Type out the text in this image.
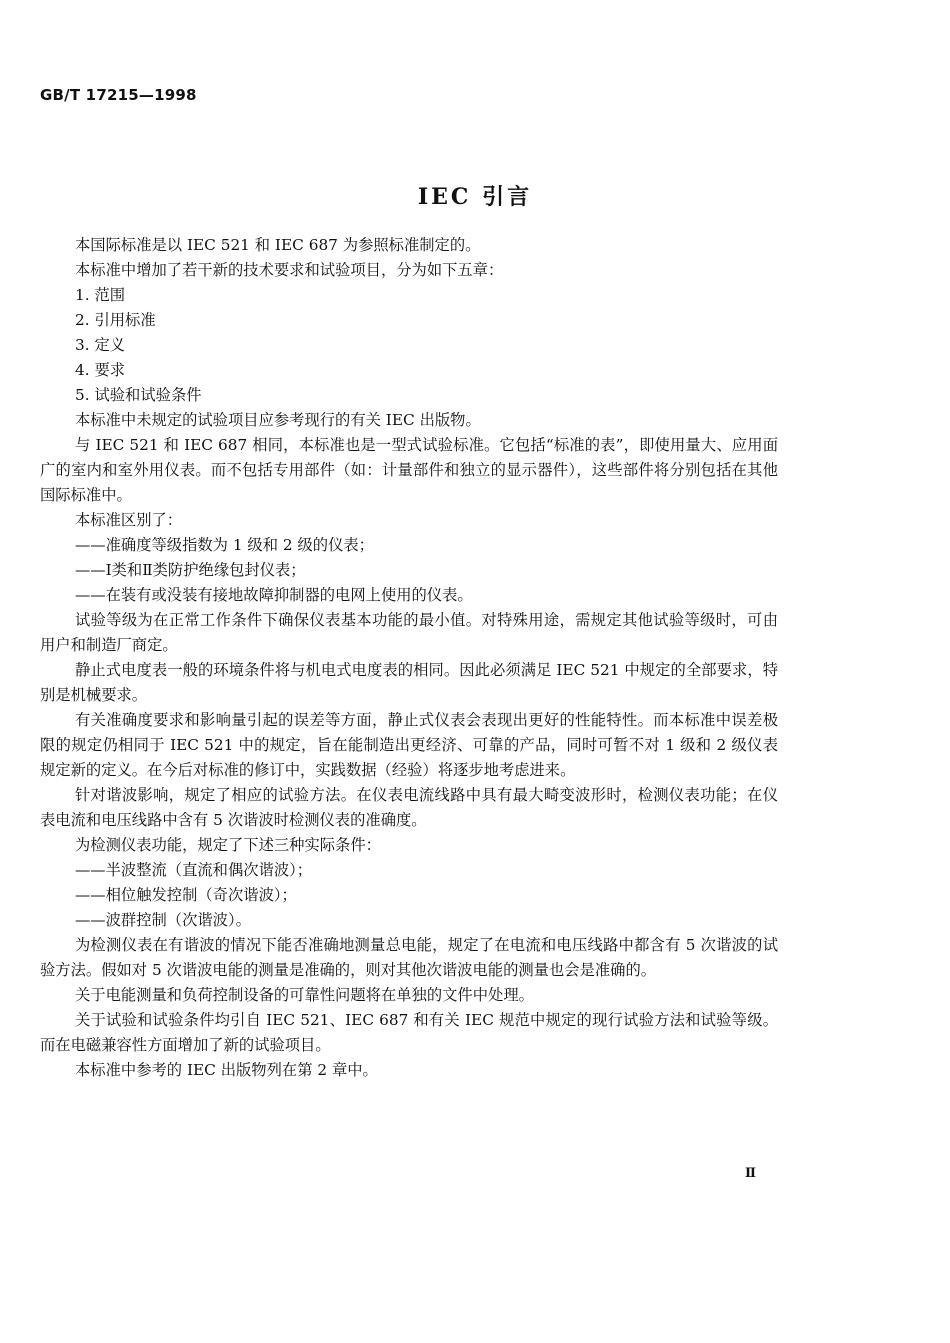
GB/T 17215—1998
IEC 引言

本国际标准是以 IEC 521 和 IEC 687 为参照标准制定的。

本标准中增加了若干新的技术要求和试验项目，分为如下五章：

1. 范围

2. 引用标准

3. 定义

4. 要求

5. 试验和试验条件

本标准中未规定的试验项目应参考现行的有关 IEC 出版物。

与 IEC 521 和 IEC 687 相同，本标准也是一型式试验标准。它包括“标准的表”，即使用量大、应用面广的室内和室外用仪表。而不包括专用部件（如：计量部件和独立的显示器件），这些部件将分别包括在其他国际标准中。

本标准区别了：

——准确度等级指数为 1 级和 2 级的仪表；

——Ⅰ类和Ⅱ类防护绝缘包封仪表；

——在装有或没装有接地故障抑制器的电网上使用的仪表。

试验等级为在正常工作条件下确保仪表基本功能的最小值。对特殊用途，需规定其他试验等级时，可由用户和制造厂商定。

静止式电度表一般的环境条件将与机电式电度表的相同。因此必须满足 IEC 521 中规定的全部要求，特别是机械要求。

有关准确度要求和影响量引起的误差等方面，静止式仪表会表现出更好的性能特性。而本标准中误差极限的规定仍相同于 IEC 521 中的规定，旨在能制造出更经济、可靠的产品，同时可暂不对 1 级和 2 级仪表规定新的定义。在今后对标准的修订中，实践数据（经验）将逐步地考虑进来。

针对谐波影响，规定了相应的试验方法。在仪表电流线路中具有最大畸变波形时，检测仪表功能；在仪表电流和电压线路中含有 5 次谐波时检测仪表的准确度。

为检测仪表功能，规定了下述三种实际条件：

——半波整流（直流和偶次谐波）；

——相位触发控制（奇次谐波）；

——波群控制（次谐波）。

为检测仪表在有谐波的情况下能否准确地测量总电能，规定了在电流和电压线路中都含有 5 次谐波的试验方法。假如对 5 次谐波电能的测量是准确的，则对其他次谐波电能的测量也会是准确的。

关于电能测量和负荷控制设备的可靠性问题将在单独的文件中处理。

关于试验和试验条件均引自 IEC 521、IEC 687 和有关 IEC 规范中规定的现行试验方法和试验等级。而在电磁兼容性方面增加了新的试验项目。

本标准中参考的 IEC 出版物列在第 2 章中。

Ⅱ
